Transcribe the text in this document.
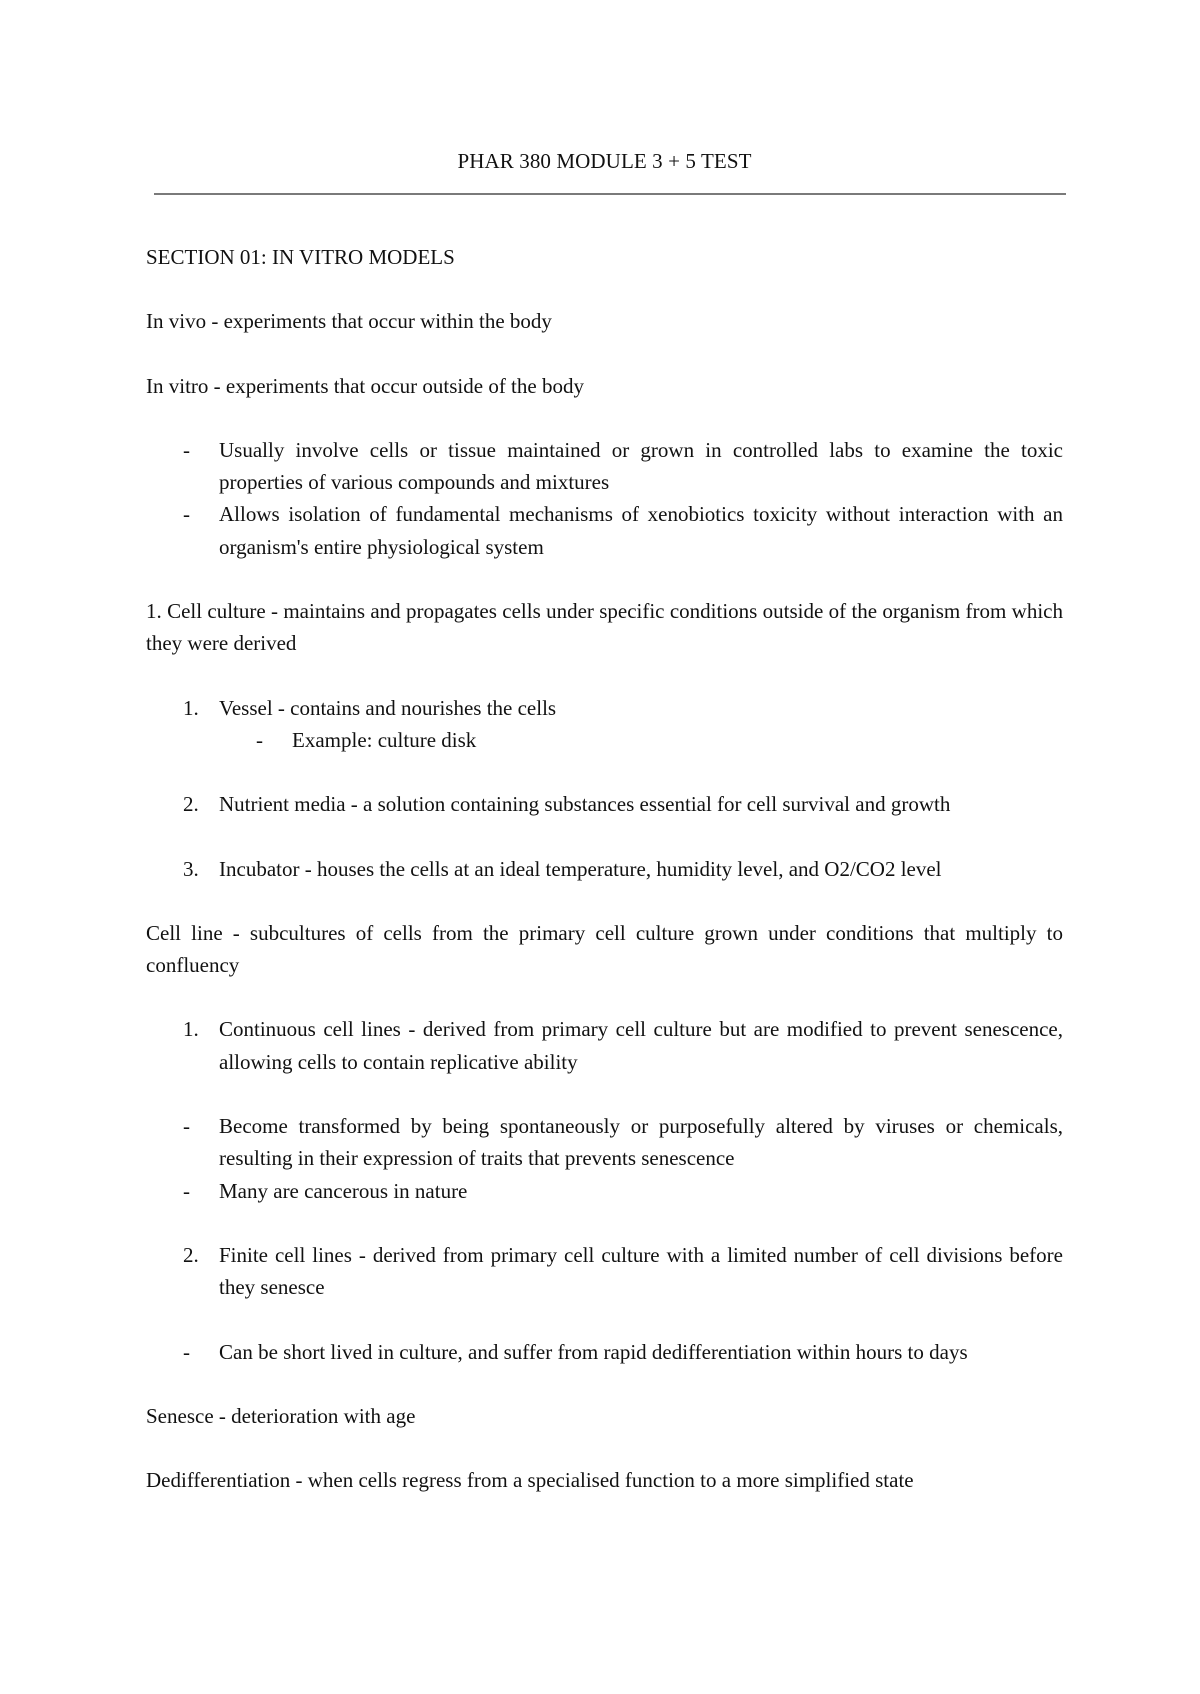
PHAR 380 MODULE 3 + 5 TEST

SECTION 01: IN VITRO MODELS

In vivo - experiments that occur within the body

In vitro - experiments that occur outside of the body

-	Usually involve cells or tissue maintained or grown in controlled labs to examine the toxic properties of various compounds and mixtures
-	Allows isolation of fundamental mechanisms of xenobiotics toxicity without interaction with an organism's entire physiological system

1. Cell culture - maintains and propagates cells under specific conditions outside of the organism from which they were derived

1. Vessel - contains and nourishes the cells
-	Example: culture disk
2. Nutrient media - a solution containing substances essential for cell survival and growth
3. Incubator - houses the cells at an ideal temperature, humidity level, and O2/CO2 level

Cell line - subcultures of cells from the primary cell culture grown under conditions that multiply to confluency

1. Continuous cell lines - derived from primary cell culture but are modified to prevent senescence, allowing cells to contain replicative ability
-	Become transformed by being spontaneously or purposefully altered by viruses or chemicals, resulting in their expression of traits that prevents senescence
-	Many are cancerous in nature
2. Finite cell lines - derived from primary cell culture with a limited number of cell divisions before they senesce
-	Can be short lived in culture, and suffer from rapid dedifferentiation within hours to days

Senesce - deterioration with age

Dedifferentiation - when cells regress from a specialised function to a more simplified state
